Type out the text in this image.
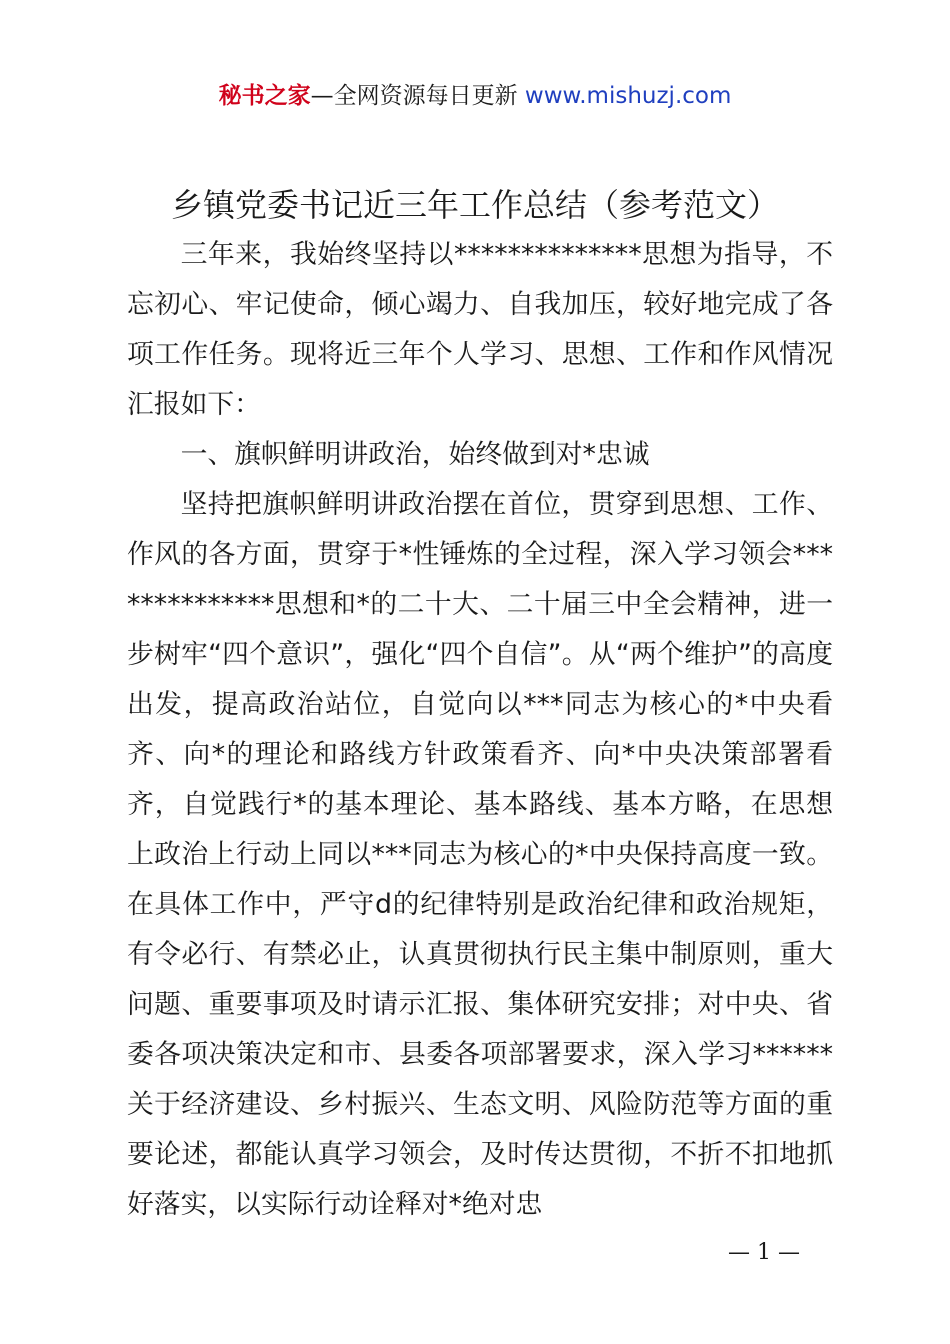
秘书之家—全网资源每日更新 www.mishuzj.com
乡镇党委书记近三年工作总结（参考范文）

三年来，我始终坚持以**************思想为指导，不忘初心、牢记使命，倾心竭力、自我加压，较好地完成了各项工作任务。现将近三年个人学习、思想、工作和作风情况汇报如下：

一、旗帜鲜明讲政治，始终做到对*忠诚

坚持把旗帜鲜明讲政治摆在首位，贯穿到思想、工作、作风的各方面，贯穿于*性锤炼的全过程，深入学习领会**************思想和*的二十大、二十届三中全会精神，进一步树牢“四个意识”，强化“四个自信”。从“两个维护”的高度出发，提高政治站位，自觉向以***同志为核心的*中央看齐、向*的理论和路线方针政策看齐、向*中央决策部署看齐，自觉践行*的基本理论、基本路线、基本方略，在思想上政治上行动上同以***同志为核心的*中央保持高度一致。在具体工作中，严守d的纪律特别是政治纪律和政治规矩，有令必行、有禁必止，认真贯彻执行民主集中制原则，重大问题、重要事项及时请示汇报、集体研究安排；对中央、省委各项决策决定和市、县委各项部署要求，深入学习******关于经济建设、乡村振兴、生态文明、风险防范等方面的重要论述，都能认真学习领会，及时传达贯彻，不折不扣地抓好落实，以实际行动诠释对*绝对忠

— 1 —
